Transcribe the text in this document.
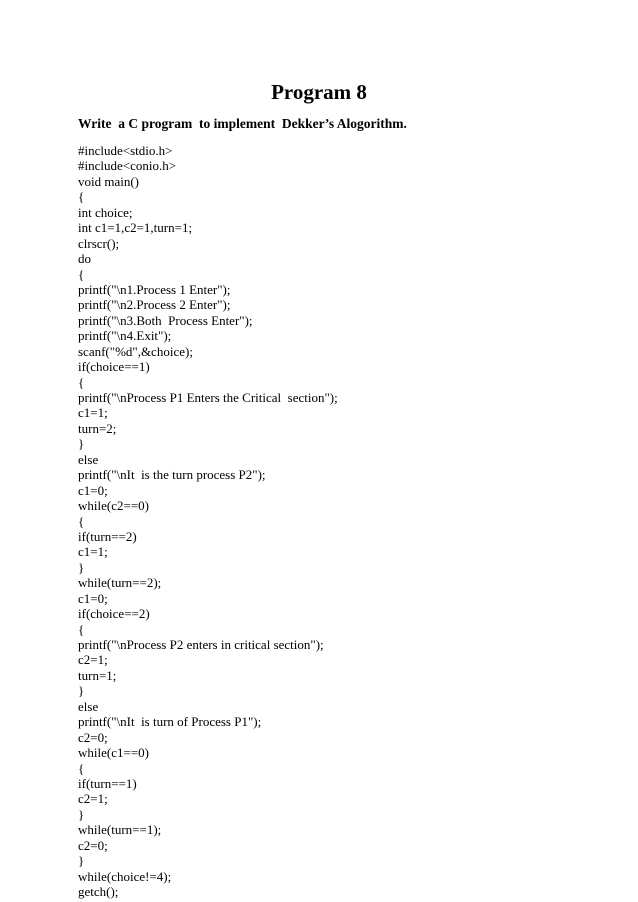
Program 8

Write  a C program  to implement  Dekker’s Alogorithm.

#include<stdio.h>
#include<conio.h>
void main()
{
int choice;
int c1=1,c2=1,turn=1;
clrscr();
do
{
printf("\n1.Process 1 Enter");
printf("\n2.Process 2 Enter");
printf("\n3.Both  Process Enter");
printf("\n4.Exit");
scanf("%d",&choice);
if(choice==1)
{
printf("\nProcess P1 Enters the Critical  section");
c1=1;
turn=2;
}
else
printf("\nIt  is the turn process P2");
c1=0;
while(c2==0)
{
if(turn==2)
c1=1;
}
while(turn==2);
c1=0;
if(choice==2)
{
printf("\nProcess P2 enters in critical section");
c2=1;
turn=1;
}
else
printf("\nIt  is turn of Process P1");
c2=0;
while(c1==0)
{
if(turn==1)
c2=1;
}
while(turn==1);
c2=0;
}
while(choice!=4);
getch();
